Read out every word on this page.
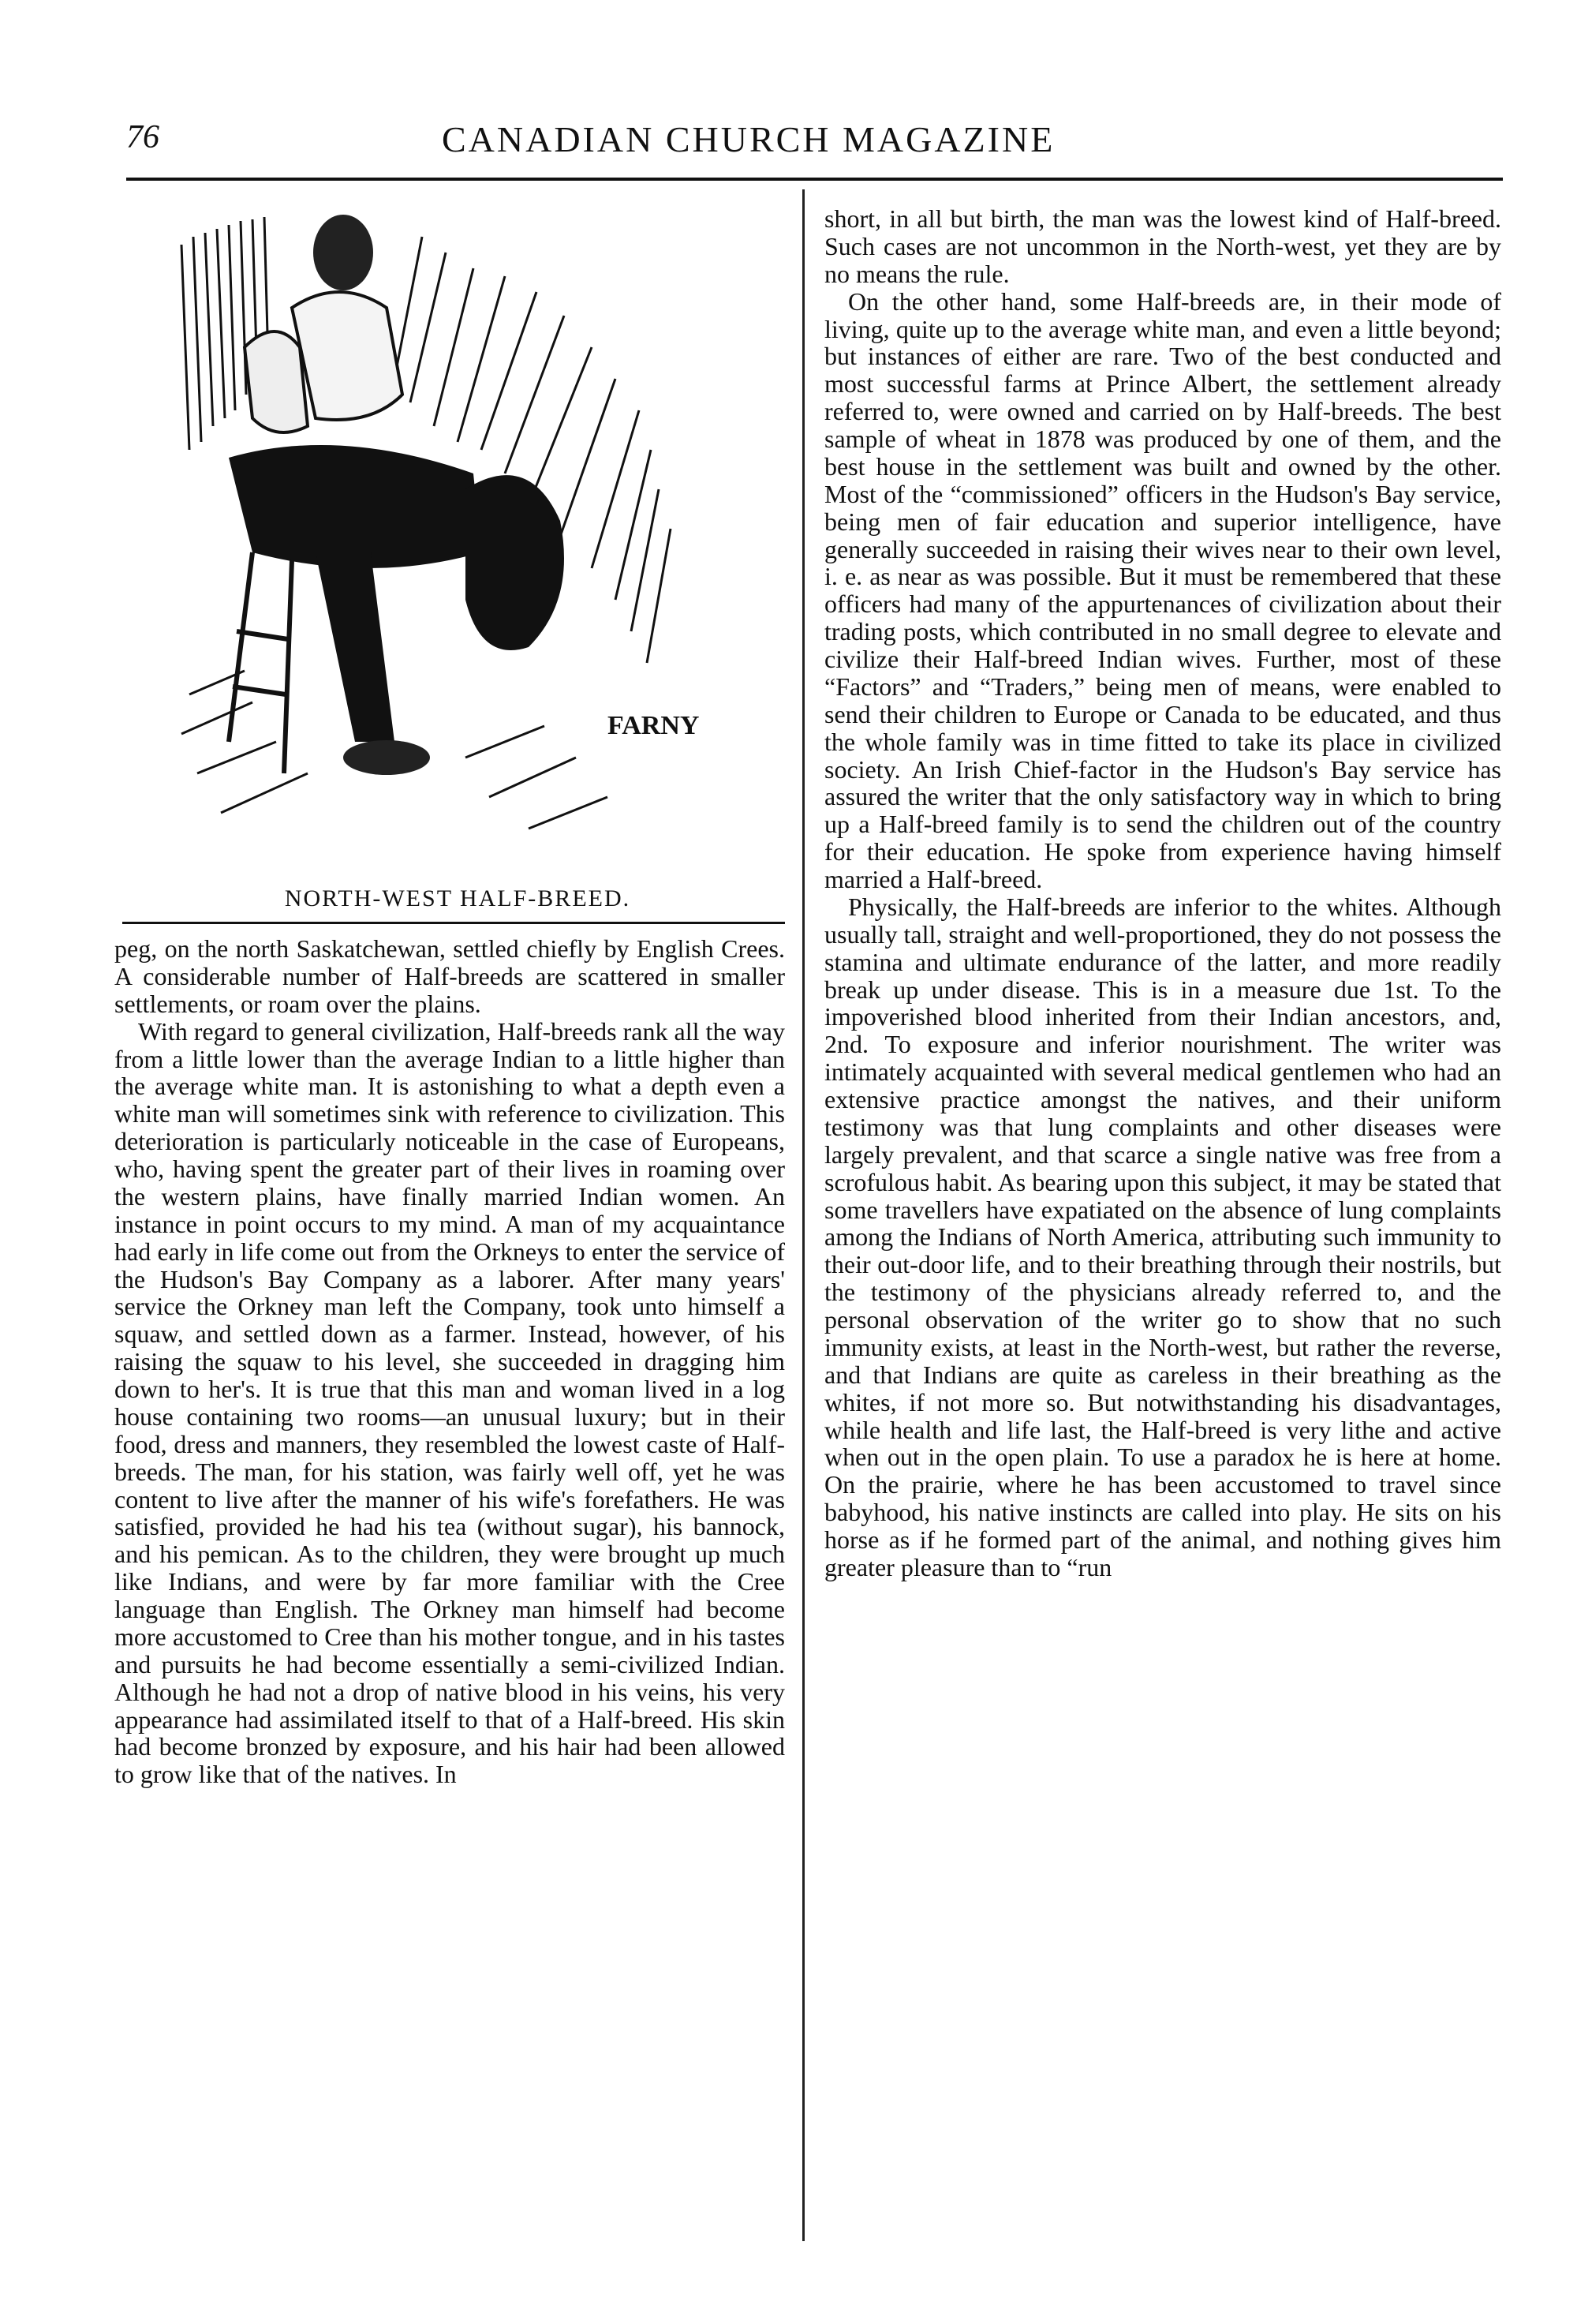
76	CANADIAN CHURCH MAGAZINE
FARNY
NORTH-WEST HALF-BREED.

peg, on the north Saskatchewan, settled chiefly by English Crees. A considerable number of Half-breeds are scattered in smaller settlements, or roam over the plains.

With regard to general civilization, Half-breeds rank all the way from a little lower than the average Indian to a little higher than the average white man. It is astonishing to what a depth even a white man will sometimes sink with reference to civilization. This deterioration is particularly noticeable in the case of Europeans, who, having spent the greater part of their lives in roaming over the western plains, have finally married Indian women. An instance in point occurs to my mind. A man of my acquaintance had early in life come out from the Orkneys to enter the service of the Hudson's Bay Company as a laborer. After many years' service the Orkney man left the Company, took unto himself a squaw, and settled down as a farmer. Instead, however, of his raising the squaw to his level, she succeeded in dragging him down to her's. It is true that this man and woman lived in a log house containing two rooms—an unusual luxury; but in their food, dress and manners, they resembled the lowest caste of Half-breeds. The man, for his station, was fairly well off, yet he was content to live after the manner of his wife's forefathers. He was satisfied, provided he had his tea (without sugar), his bannock, and his pemican. As to the children, they were brought up much like Indians, and were by far more familiar with the Cree language than English. The Orkney man himself had become more accustomed to Cree than his mother tongue, and in his tastes and pursuits he had become essentially a semi-civilized Indian. Although he had not a drop of native blood in his veins, his very appearance had assimilated itself to that of a Half-breed. His skin had become bronzed by exposure, and his hair had been allowed to grow like that of the natives. In

short, in all but birth, the man was the lowest kind of Half-breed. Such cases are not uncommon in the North-west, yet they are by no means the rule.

On the other hand, some Half-breeds are, in their mode of living, quite up to the average white man, and even a little beyond; but instances of either are rare. Two of the best conducted and most successful farms at Prince Albert, the settlement already referred to, were owned and carried on by Half-breeds. The best sample of wheat in 1878 was produced by one of them, and the best house in the settlement was built and owned by the other. Most of the “commissioned” officers in the Hudson's Bay service, being men of fair education and superior intelligence, have generally succeeded in raising their wives near to their own level, i. e. as near as was possible. But it must be remembered that these officers had many of the appurtenances of civilization about their trading posts, which contributed in no small degree to elevate and civilize their Half-breed Indian wives. Further, most of these “Factors” and “Traders,” being men of means, were enabled to send their children to Europe or Canada to be educated, and thus the whole family was in time fitted to take its place in civilized society. An Irish Chief-factor in the Hudson's Bay service has assured the writer that the only satisfactory way in which to bring up a Half-breed family is to send the children out of the country for their education. He spoke from experience having himself married a Half-breed.

Physically, the Half-breeds are inferior to the whites. Although usually tall, straight and well-proportioned, they do not possess the stamina and ultimate endurance of the latter, and more readily break up under disease. This is in a measure due 1st. To the impoverished blood inherited from their Indian ancestors, and, 2nd. To exposure and inferior nourishment. The writer was intimately acquainted with several medical gentlemen who had an extensive practice amongst the natives, and their uniform testimony was that lung complaints and other diseases were largely prevalent, and that scarce a single native was free from a scrofulous habit. As bearing upon this subject, it may be stated that some travellers have expatiated on the absence of lung complaints among the Indians of North America, attributing such immunity to their out-door life, and to their breathing through their nostrils, but the testimony of the physicians already referred to, and the personal observation of the writer go to show that no such immunity exists, at least in the North-west, but rather the reverse, and that Indians are quite as careless in their breathing as the whites, if not more so. But notwithstanding his disadvantages, while health and life last, the Half-breed is very lithe and active when out in the open plain. To use a paradox he is here at home. On the prairie, where he has been accustomed to travel since babyhood, his native instincts are called into play. He sits on his horse as if he formed part of the animal, and nothing gives him greater pleasure than to “run
